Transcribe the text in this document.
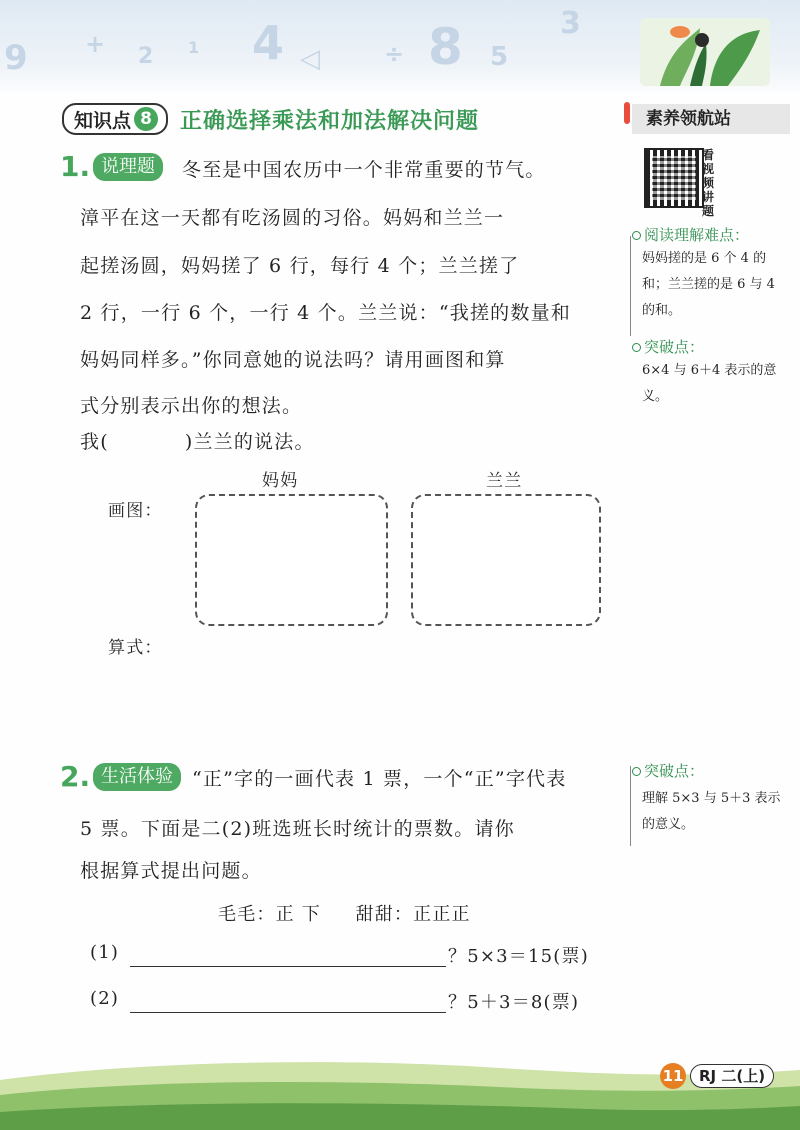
9 + 2 1 4 ◁	÷ 8 5
3
知识点 8 正确选择乘法和加法解决问题
1. 说理题	冬至是中国农历中一个非常重要的节气。
漳平在这一天都有吃汤圆的习俗。妈妈和兰兰一
起搓汤圆，妈妈搓了 6 行，每行 4 个；兰兰搓了
2 行，一行 6 个，一行 4 个。兰兰说：“我搓的数量和
妈妈同样多。”你同意她的说法吗？请用画图和算
式分别表示出你的想法。
我(	)兰兰的说法。
妈妈	兰兰
画图：
算式：
2. 生活体验	“正”字的一画代表 1 票，一个“正”字代表
5 票。下面是二(2)班选班长时统计的票数。请你
根据算式提出问题。
毛毛：正 下     甜甜：正正正
(1)	？5×3＝15(票)
(2)	？5＋3＝8(票)
素养领航站
看视频讲题
阅读理解难点：
妈妈搓的是 6 个 4 的和；兰兰搓的是 6 与 4 的和。
突破点：
6×4 与 6＋4 表示的意义。
突破点：
理解 5×3 与 5＋3 表示的意义。
11	RJ 二(上)
